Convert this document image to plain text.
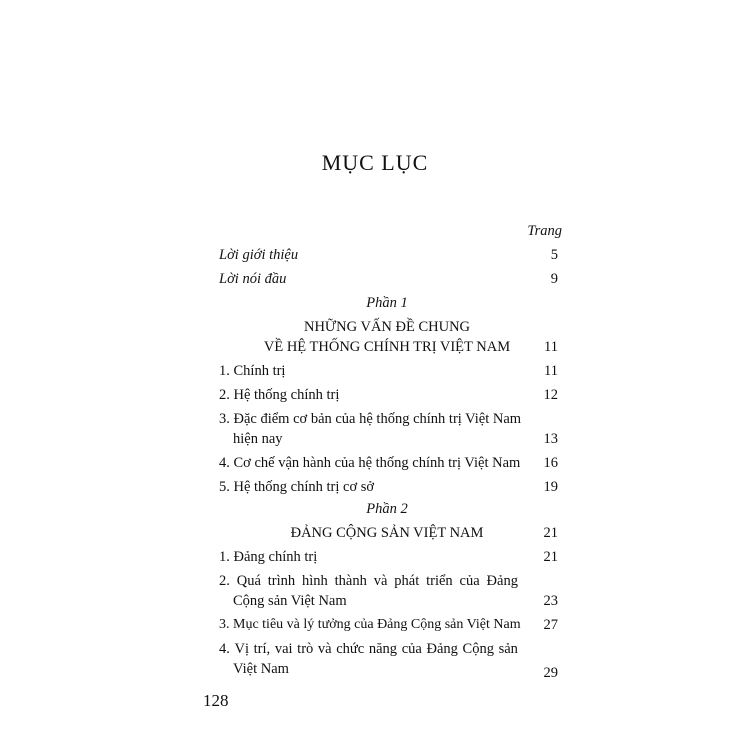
MỤC LỤC
Trang
Lời giới thiệu	5
Lời nói đầu	9
Phần 1
NHỮNG VẤN ĐỀ CHUNG
VỀ HỆ THỐNG CHÍNH TRỊ VIỆT NAM	11
1. Chính trị	11
2. Hệ thống chính trị	12
3. Đặc điểm cơ bản của hệ thống chính trị Việt Nam
hiện nay	13
4. Cơ chế vận hành của hệ thống chính trị Việt Nam	16
5. Hệ thống chính trị cơ sở	19
Phần 2
ĐẢNG CỘNG SẢN VIỆT NAM	21
1. Đảng chính trị	21
2. Quá trình hình thành và phát triển của Đảng
Cộng sản Việt Nam	23
3. Mục tiêu và lý tưởng của Đảng Cộng sản Việt Nam	27
4. Vị trí, vai trò và chức năng của Đảng Cộng sản
Việt Nam	29
128
